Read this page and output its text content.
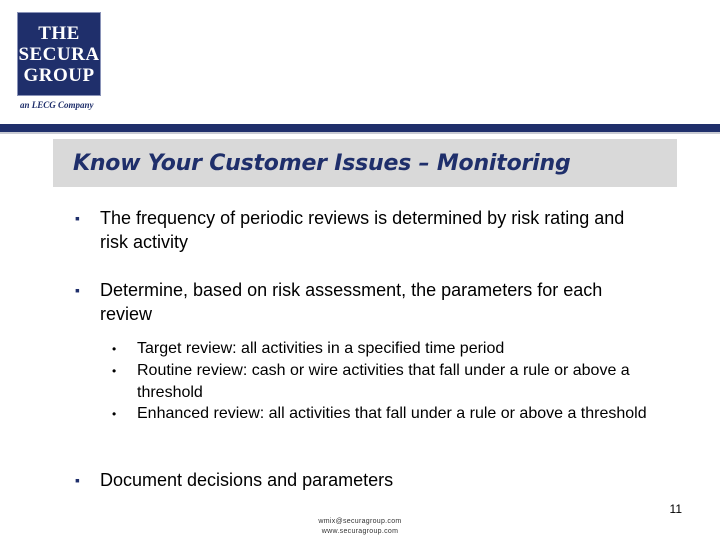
THE
SECURA
GROUP
an LECG Company
Know Your Customer Issues – Monitoring
▪ The frequency of periodic reviews is determined by risk rating and risk activity
▪ Determine, based on risk assessment, the parameters for each review
• Target review: all activities in a specified time period
• Routine review: cash or wire activities that fall under a rule or above a threshold
• Enhanced review: all activities that fall under a rule or above a threshold
▪ Document decisions and parameters
11
wmix@securagroup.com
www.securagroup.com
